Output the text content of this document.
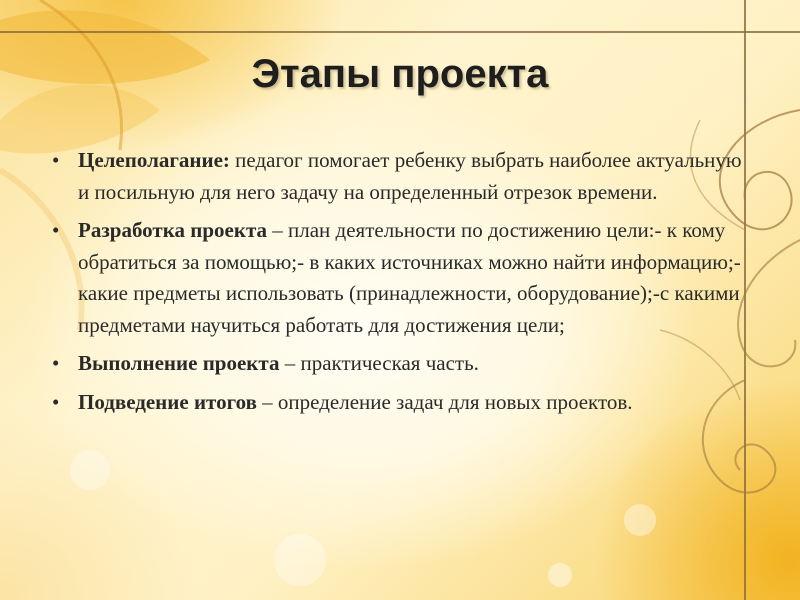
Этапы проекта
• Целеполагание: педагог помогает ребенку выбрать наиболее актуальную и посильную для него задачу на определенный отрезок времени.
• Разработка проекта – план деятельности по достижению цели:- к кому обратиться за помощью;- в каких источниках можно найти информацию;- какие предметы использовать (принадлежности, оборудование);-с какими предметами научиться работать для достижения цели;
• Выполнение проекта – практическая часть.
• Подведение итогов – определение задач для новых проектов.
